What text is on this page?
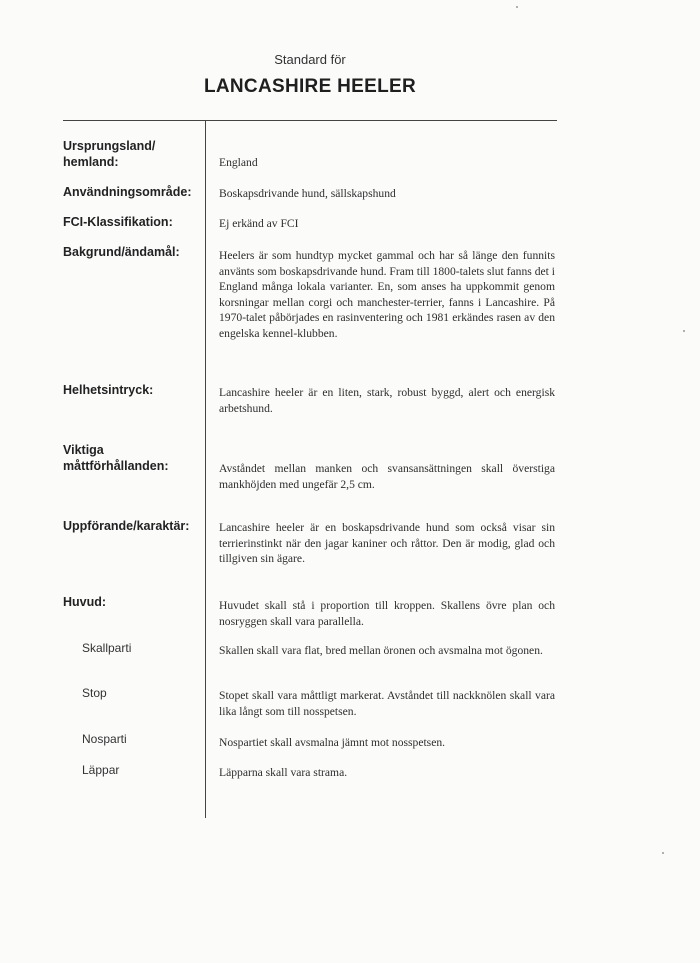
Standard för
LANCASHIRE HEELER
Ursprungsland/ hemland:	England
Användningsområde:	Boskapsdrivande hund, sällskapshund
FCI-Klassifikation:	Ej erkänd av FCI
Bakgrund/ändamål:	Heelers är som hundtyp mycket gammal och har så länge den funnits använts som boskapsdrivande hund. Fram till 1800-talets slut fanns det i England många lokala varianter. En, som anses ha uppkommit genom korsningar mellan corgi och manchester-terrier, fanns i Lancashire. På 1970-talet påbörjades en rasinventering och 1981 erkändes rasen av den engelska kennel-klubben.
Helhetsintryck:	Lancashire heeler är en liten, stark, robust byggd, alert och energisk arbetshund.
Viktiga måttförhållanden:	Avståndet mellan manken och svansansättningen skall överstiga mankhöjden med ungefär 2,5 cm.
Uppförande/karaktär:	Lancashire heeler är en boskapsdrivande hund som också visar sin terrierinstinkt när den jagar kaniner och råttor. Den är modig, glad och tillgiven sin ägare.
Huvud:	Huvudet skall stå i proportion till kroppen. Skallens övre plan och nosryggen skall vara parallella.
Skallparti	Skallen skall vara flat, bred mellan öronen och avsmalna mot ögonen.
Stop	Stopet skall vara måttligt markerat. Avståndet till nackknölen skall vara lika långt som till nosspetsen.
Nosparti	Nospartiet skall avsmalna jämnt mot nosspetsen.
Läppar	Läpparna skall vara strama.
